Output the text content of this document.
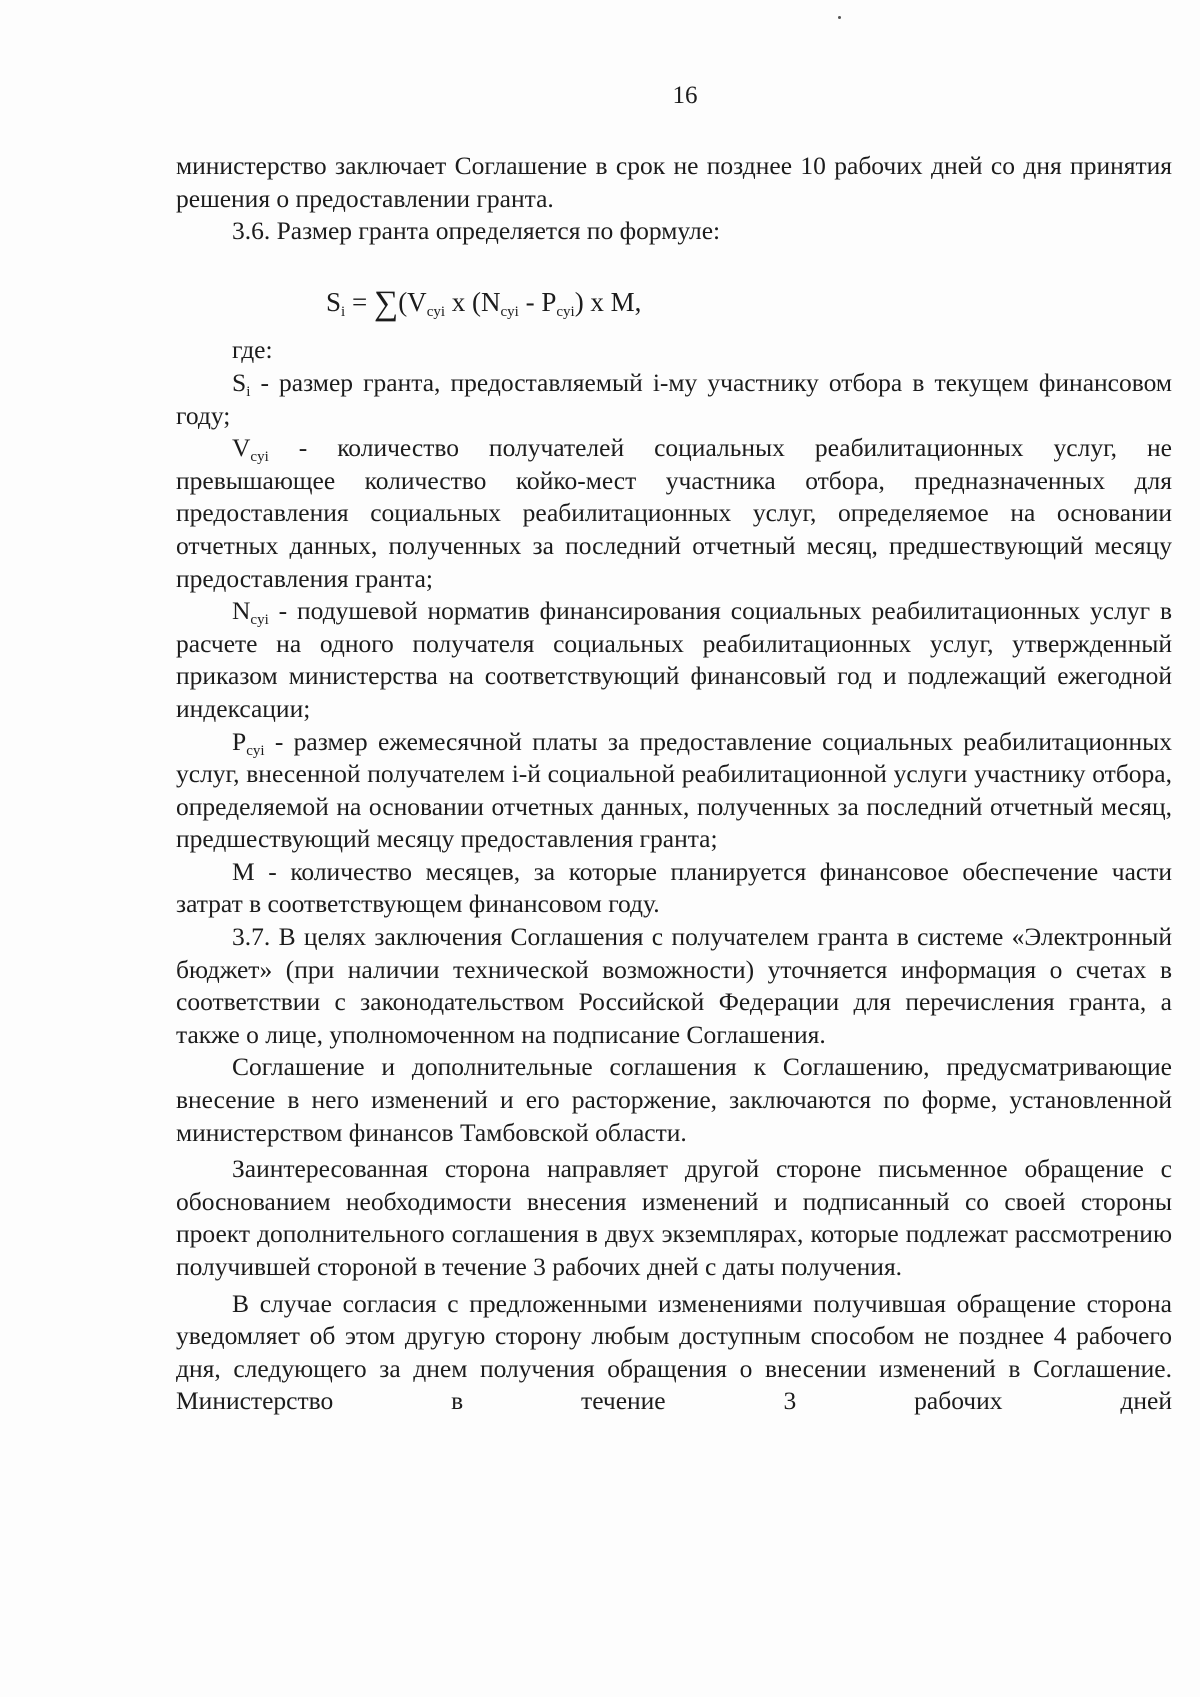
16

министерство заключает Соглашение в срок не позднее 10 рабочих дней со дня принятия решения о предоставлении гранта.

3.6. Размер гранта определяется по формуле:

$S_i = \sum(V_{cyi}$ x $(N_{cyi} - P_{cyi})$ x M,

где:

$S_i$ - размер гранта, предоставляемый i-му участнику отбора в текущем финансовом году;

$V_{cyi}$ - количество получателей социальных реабилитационных услуг, не превышающее количество койко-мест участника отбора, предназначенных для предоставления социальных реабилитационных услуг, определяемое на основании отчетных данных, полученных за последний отчетный месяц, предшествующий месяцу предоставления гранта;

$N_{cyi}$ - подушевой норматив финансирования социальных реабилитационных услуг в расчете на одного получателя социальных реабилитационных услуг, утвержденный приказом министерства на соответствующий финансовый год и подлежащий ежегодной индексации;

$P_{cyi}$ - размер ежемесячной платы за предоставление социальных реабилитационных услуг, внесенной получателем i-й социальной реабилитационной услуги участнику отбора, определяемой на основании отчетных данных, полученных за последний отчетный месяц, предшествующий месяцу предоставления гранта;

М - количество месяцев, за которые планируется финансовое обеспечение части затрат в соответствующем финансовом году.

3.7. В целях заключения Соглашения с получателем гранта в системе «Электронный бюджет» (при наличии технической возможности) уточняется информация о счетах в соответствии с законодательством Российской Федерации для перечисления гранта, а также о лице, уполномоченном на подписание Соглашения.

Соглашение и дополнительные соглашения к Соглашению, предусматривающие внесение в него изменений и его расторжение, заключаются по форме, установленной министерством финансов Тамбовской области.

Заинтересованная сторона направляет другой стороне письменное обращение с обоснованием необходимости внесения изменений и подписанный со своей стороны проект дополнительного соглашения в двух экземплярах, которые подлежат рассмотрению получившей стороной в течение 3 рабочих дней с даты получения.

В случае согласия с предложенными изменениями получившая обращение сторона уведомляет об этом другую сторону любым доступным способом не позднее 4 рабочего дня, следующего за днем получения обращения о внесении изменений в Соглашение. Министерство в течение 3 рабочих дней
